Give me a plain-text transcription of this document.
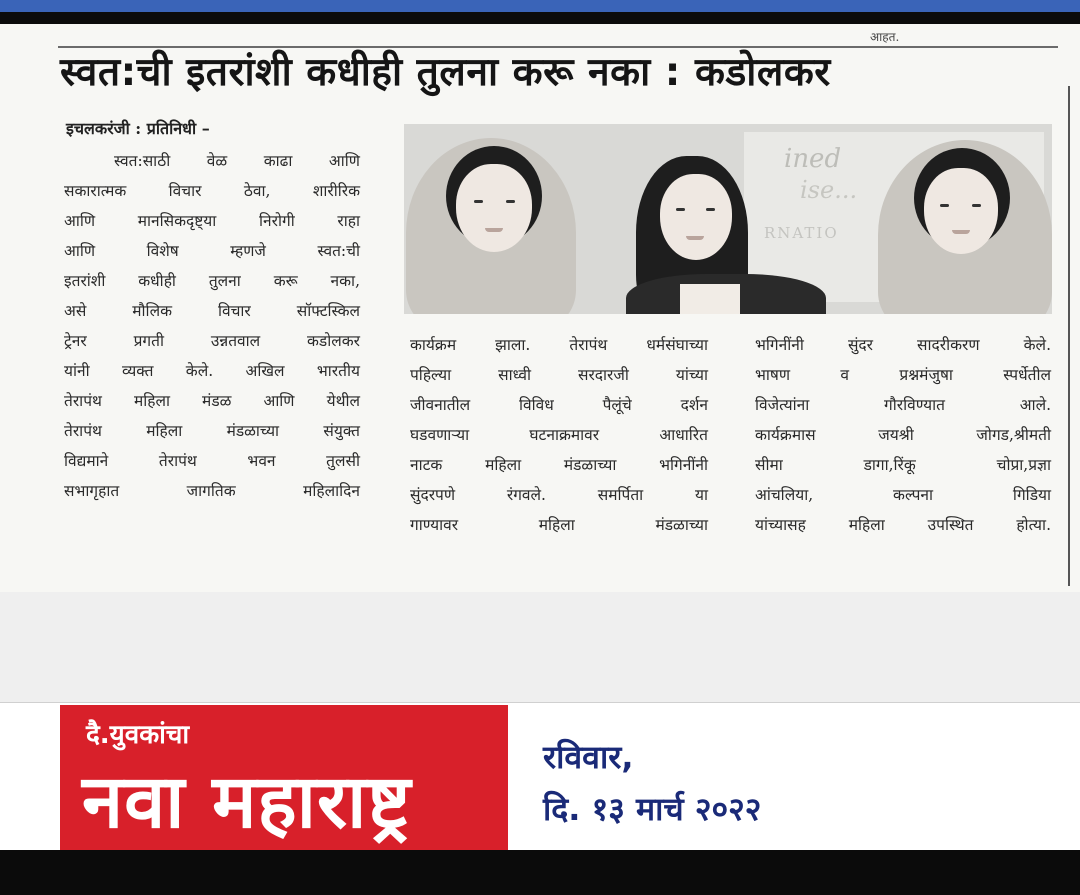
आहत.
स्वत:ची इतरांशी कधीही तुलना करू नका : कडोलकर
इचलकरंजी : प्रतिनिधी –
स्वत:साठी वेळ काढा आणि
सकारात्मक विचार ठेवा, शारीरिक
आणि मानसिकदृष्ट्या निरोगी राहा
आणि विशेष म्हणजे स्वत:ची
इतरांशी कधीही तुलना करू नका,
असे मौलिक विचार सॉफ्टस्किल
ट्रेनर प्रगती उन्नतवाल कडोलकर
यांनी व्यक्त केले. अखिल भारतीय
तेरापंथ महिला मंडळ आणि येथील
तेरापंथ महिला मंडळाच्या संयुक्त
विद्यमाने तेरापंथ भवन तुलसी
सभागृहात जागतिक महिलादिन
ined
ise...
RNATIO
कार्यक्रम झाला. तेरापंथ धर्मसंघाच्या
पहिल्या साध्वी सरदारजी यांच्या
जीवनातील विविध पैलूंचे दर्शन
घडवणाऱ्या घटनाक्रमावर आधारित
नाटक महिला मंडळाच्या भगिनींनी
सुंदरपणे रंगवले. समर्पिता या
गाण्यावर महिला मंडळाच्या
भगिनींनी सुंदर सादरीकरण केले.
भाषण व प्रश्नमंजुषा स्पर्धेतील
विजेत्यांना गौरविण्यात आले.
कार्यक्रमास जयश्री जोगड,श्रीमती
सीमा डागा,रिंकू चोप्रा,प्रज्ञा
आंचलिया, कल्पना गिडिया
यांच्यासह महिला उपस्थित होत्या.
दै.युवकांचा
नवा महाराष्ट्र
रविवार,
दि. १३ मार्च २०२२
